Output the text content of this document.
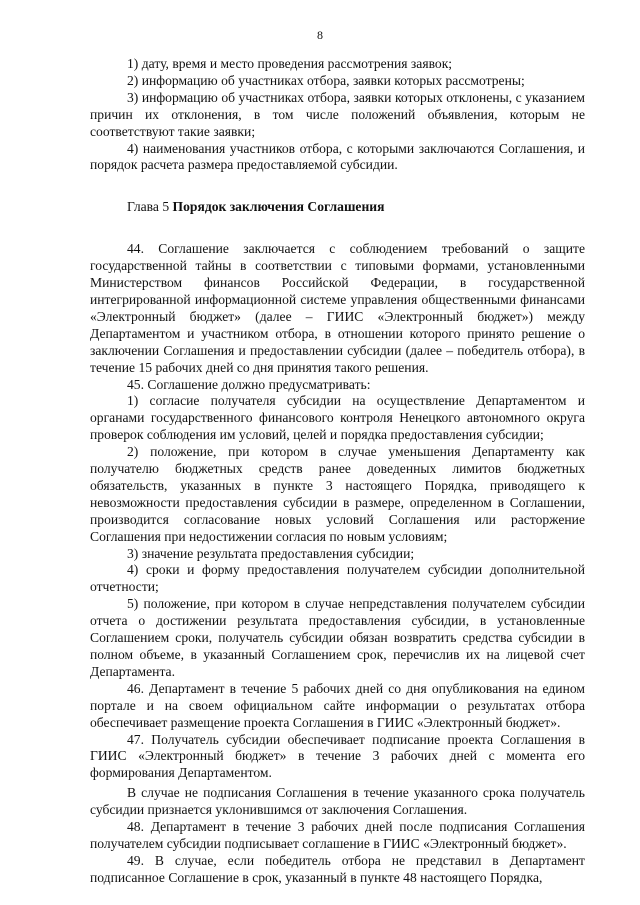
8

1) дату, время и место проведения рассмотрения заявок;

2) информацию об участниках отбора, заявки которых рассмотрены;

3) информацию об участниках отбора, заявки которых отклонены, с указанием причин их отклонения, в том числе положений объявления, которым не соответствуют такие заявки;

4) наименования участников отбора, с которыми заключаются Соглашения, и порядок расчета размера предоставляемой субсидии.

Глава 5 Порядок заключения Соглашения

44. Соглашение заключается с соблюдением требований о защите государственной тайны в соответствии с типовыми формами, установленными Министерством финансов Российской Федерации, в государственной интегрированной информационной системе управления общественными финансами «Электронный бюджет» (далее – ГИИС «Электронный бюджет») между Департаментом и участником отбора, в отношении которого принято решение о заключении Соглашения и предоставлении субсидии (далее – победитель отбора), в течение 15 рабочих дней со дня принятия такого решения.

45. Соглашение должно предусматривать:

1) согласие получателя субсидии на осуществление Департаментом и органами государственного финансового контроля Ненецкого автономного округа проверок соблюдения им условий, целей и порядка предоставления субсидии;

2) положение, при котором в случае уменьшения Департаменту как получателю бюджетных средств ранее доведенных лимитов бюджетных обязательств, указанных в пункте 3 настоящего Порядка, приводящего к невозможности предоставления субсидии в размере, определенном в Соглашении, производится согласование новых условий Соглашения или расторжение Соглашения при недостижении согласия по новым условиям;

3) значение результата предоставления субсидии;

4) сроки и форму предоставления получателем субсидии дополнительной отчетности;

5) положение, при котором в случае непредставления получателем субсидии отчета о достижении результата предоставления субсидии, в установленные Соглашением сроки, получатель субсидии обязан возвратить средства субсидии в полном объеме, в указанный Соглашением срок, перечислив их на лицевой счет Департамента.

46. Департамент в течение 5 рабочих дней со дня опубликования на едином портале и на своем официальном сайте информации о результатах отбора обеспечивает размещение проекта Соглашения в ГИИС «Электронный бюджет».

47. Получатель субсидии обеспечивает подписание проекта Соглашения в ГИИС «Электронный бюджет» в течение 3 рабочих дней с момента его формирования Департаментом.

В случае не подписания Соглашения в течение указанного срока получатель субсидии признается уклонившимся от заключения Соглашения.

48. Департамент в течение 3 рабочих дней после подписания Соглашения получателем субсидии подписывает соглашение в ГИИС «Электронный бюджет».

49. В случае, если победитель отбора не представил в Департамент подписанное Соглашение в срок, указанный в пункте 48 настоящего Порядка,
